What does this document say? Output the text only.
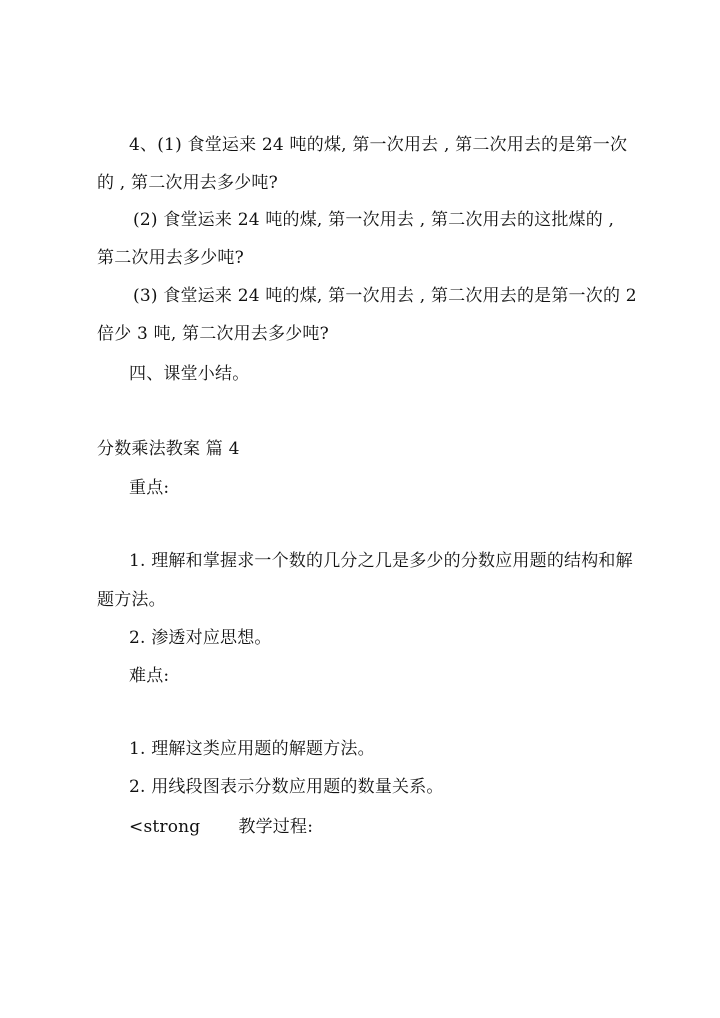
4、(1) 食堂运来 24 吨的煤, 第一次用去 , 第二次用去的是第一次
的 , 第二次用去多少吨?
(2) 食堂运来 24 吨的煤, 第一次用去 , 第二次用去的这批煤的 ,
第二次用去多少吨?
(3) 食堂运来 24 吨的煤, 第一次用去 , 第二次用去的是第一次的 2
倍少 3 吨, 第二次用去多少吨?
四、课堂小结。
分数乘法教案 篇 4
重点:
1. 理解和掌握求一个数的几分之几是多少的分数应用题的结构和解
题方法。
2. 渗透对应思想。
难点:
1. 理解这类应用题的解题方法。
2. 用线段图表示分数应用题的数量关系。
<strong 教学过程:
